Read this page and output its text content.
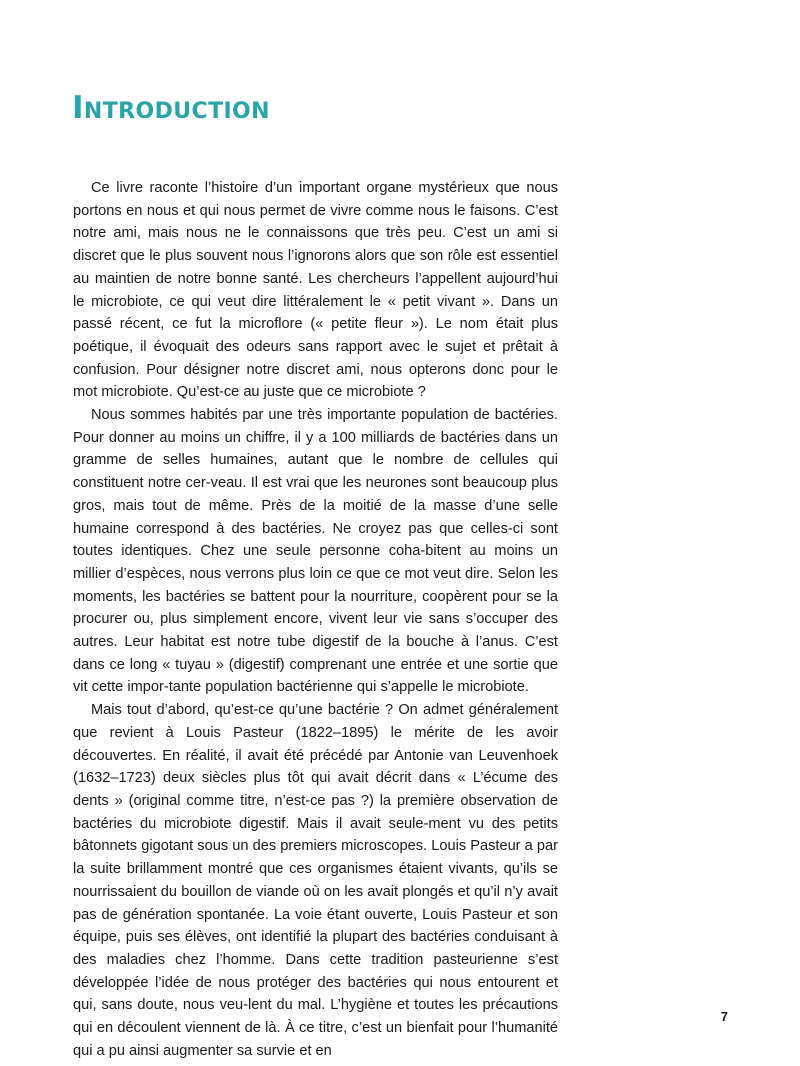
Introduction

Ce livre raconte l’histoire d’un important organe mystérieux que nous portons en nous et qui nous permet de vivre comme nous le faisons. C’est notre ami, mais nous ne le connaissons que très peu. C’est un ami si discret que le plus souvent nous l’ignorons alors que son rôle est essentiel au maintien de notre bonne santé. Les chercheurs l’appellent aujourd’hui le microbiote, ce qui veut dire littéralement le « petit vivant ». Dans un passé récent, ce fut la microflore (« petite fleur »). Le nom était plus poétique, il évoquait des odeurs sans rapport avec le sujet et prêtait à confusion. Pour désigner notre discret ami, nous opterons donc pour le mot microbiote. Qu’est-ce au juste que ce microbiote ?

Nous sommes habités par une très importante population de bactéries. Pour donner au moins un chiffre, il y a 100 milliards de bactéries dans un gramme de selles humaines, autant que le nombre de cellules qui constituent notre cer-veau. Il est vrai que les neurones sont beaucoup plus gros, mais tout de même. Près de la moitié de la masse d’une selle humaine correspond à des bactéries. Ne croyez pas que celles-ci sont toutes identiques. Chez une seule personne coha-bitent au moins un millier d’espèces, nous verrons plus loin ce que ce mot veut dire. Selon les moments, les bactéries se battent pour la nourriture, coopèrent pour se la procurer ou, plus simplement encore, vivent leur vie sans s’occuper des autres. Leur habitat est notre tube digestif de la bouche à l’anus. C’est dans ce long « tuyau » (digestif) comprenant une entrée et une sortie que vit cette impor-tante population bactérienne qui s’appelle le microbiote.

Mais tout d’abord, qu’est-ce qu’une bactérie ? On admet généralement que revient à Louis Pasteur (1822–1895) le mérite de les avoir découvertes. En réalité, il avait été précédé par Antonie van Leuvenhoek (1632–1723) deux siècles plus tôt qui avait décrit dans « L’écume des dents » (original comme titre, n’est-ce pas ?) la première observation de bactéries du microbiote digestif. Mais il avait seule-ment vu des petits bâtonnets gigotant sous un des premiers microscopes. Louis Pasteur a par la suite brillamment montré que ces organismes étaient vivants, qu’ils se nourrissaient du bouillon de viande où on les avait plongés et qu’il n’y avait pas de génération spontanée. La voie étant ouverte, Louis Pasteur et son équipe, puis ses élèves, ont identifié la plupart des bactéries conduisant à des maladies chez l’homme. Dans cette tradition pasteurienne s’est développée l’idée de nous protéger des bactéries qui nous entourent et qui, sans doute, nous veu-lent du mal. L’hygiène et toutes les précautions qui en découlent viennent de là. À ce titre, c’est un bienfait pour l’humanité qui a pu ainsi augmenter sa survie et en

7
